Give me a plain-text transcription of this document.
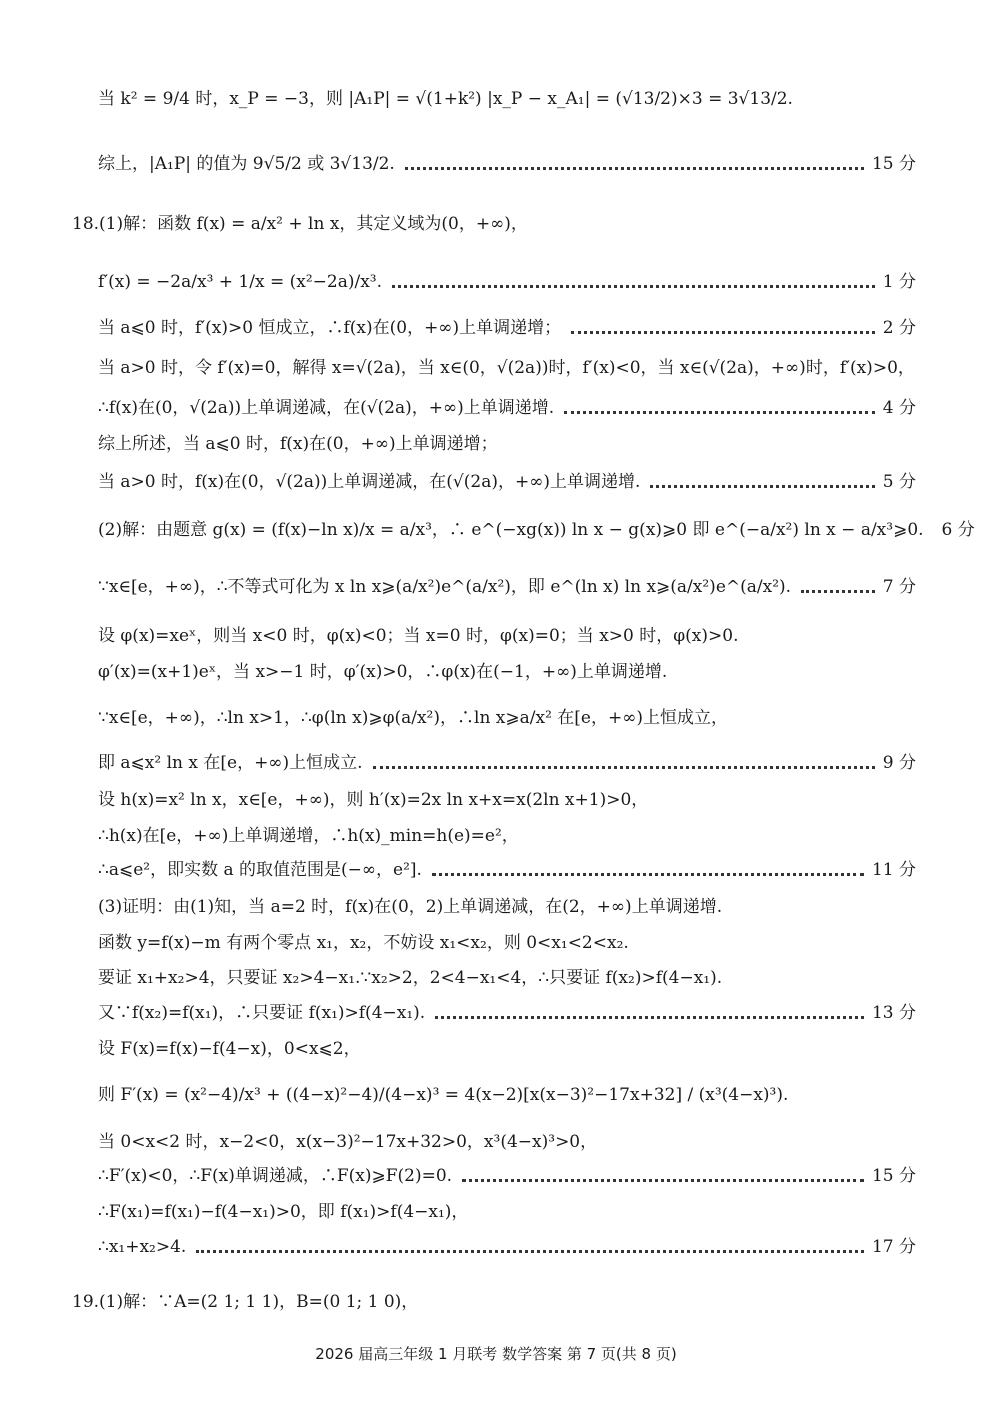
当 k² = 9/4 时，x_P = −3，则 |A₁P| = √(1+k²) |x_P − x_A₁| = (√13/2)×3 = 3√13/2.
综上，|A₁P| 的值为 9√5/2 或 3√13/2.	15 分
18.(1)解：函数 f(x) = a/x² + ln x，其定义域为(0，+∞)，
f′(x) = −2a/x³ + 1/x = (x²−2a)/x³.	1 分
当 a⩽0 时，f′(x)>0 恒成立，∴f(x)在(0，+∞)上单调递增；	2 分
当 a>0 时，令 f′(x)=0，解得 x=√(2a)，当 x∈(0，√(2a))时，f′(x)<0，当 x∈(√(2a)，+∞)时，f′(x)>0，
∴f(x)在(0，√(2a))上单调递减，在(√(2a)，+∞)上单调递增.	4 分
综上所述，当 a⩽0 时，f(x)在(0，+∞)上单调递增；
当 a>0 时，f(x)在(0，√(2a))上单调递减，在(√(2a)，+∞)上单调递增.	5 分
(2)解：由题意 g(x) = (f(x)−ln x)/x = a/x³，∴ e^(−xg(x)) ln x − g(x)⩾0 即 e^(−a/x²) ln x − a/x³⩾0. 6 分
∵x∈[e，+∞)，∴不等式可化为 x ln x⩾(a/x²)e^(a/x²)，即 e^(ln x) ln x⩾(a/x²)e^(a/x²).	7 分
设 φ(x)=xeˣ，则当 x<0 时，φ(x)<0；当 x=0 时，φ(x)=0；当 x>0 时，φ(x)>0.
φ′(x)=(x+1)eˣ，当 x>−1 时，φ′(x)>0，∴φ(x)在(−1，+∞)上单调递增.
∵x∈[e，+∞)，∴ln x>1，∴φ(ln x)⩾φ(a/x²)，∴ln x⩾a/x² 在[e，+∞)上恒成立，
即 a⩽x² ln x 在[e，+∞)上恒成立.	9 分
设 h(x)=x² ln x，x∈[e，+∞)，则 h′(x)=2x ln x+x=x(2ln x+1)>0，
∴h(x)在[e，+∞)上单调递增，∴h(x)_min=h(e)=e²，
∴a⩽e²，即实数 a 的取值范围是(−∞，e²].	11 分
(3)证明：由(1)知，当 a=2 时，f(x)在(0，2)上单调递减，在(2，+∞)上单调递增.
函数 y=f(x)−m 有两个零点 x₁，x₂，不妨设 x₁<x₂，则 0<x₁<2<x₂.
要证 x₁+x₂>4，只要证 x₂>4−x₁.∵x₂>2，2<4−x₁<4，∴只要证 f(x₂)>f(4−x₁).
又∵f(x₂)=f(x₁)，∴只要证 f(x₁)>f(4−x₁).	13 分
设 F(x)=f(x)−f(4−x)，0<x⩽2，
则 F′(x) = (x²−4)/x³ + ((4−x)²−4)/(4−x)³ = 4(x−2)[x(x−3)²−17x+32] / (x³(4−x)³).
当 0<x<2 时，x−2<0，x(x−3)²−17x+32>0，x³(4−x)³>0，
∴F′(x)<0，∴F(x)单调递减，∴F(x)⩾F(2)=0.	15 分
∴F(x₁)=f(x₁)−f(4−x₁)>0，即 f(x₁)>f(4−x₁)，
∴x₁+x₂>4.	17 分
19.(1)解：∵A=(2 1; 1 1)，B=(0 1; 1 0)，
2026 届高三年级 1 月联考 数学答案 第 7 页(共 8 页)
